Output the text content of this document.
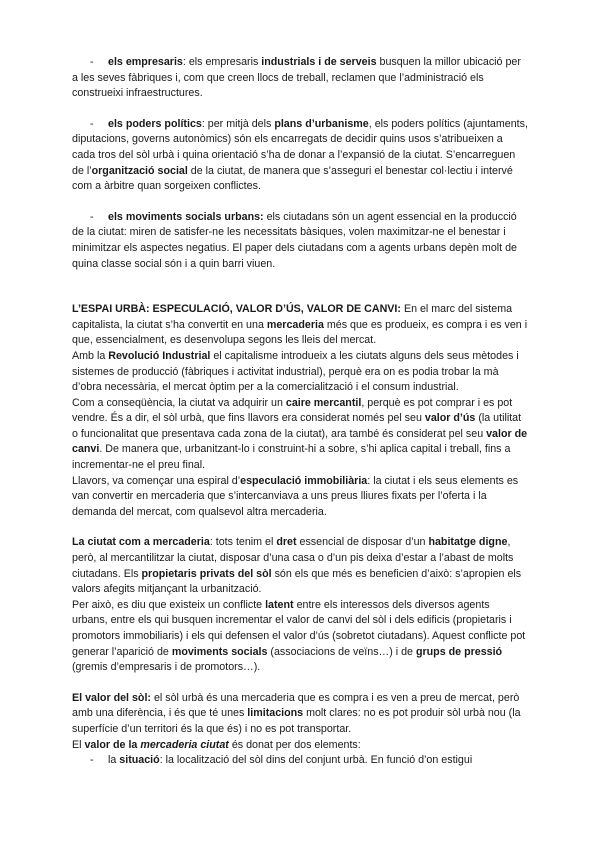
-	els empresaris: els empresaris industrials i de serveis busquen la millor ubicació per a les seves fàbriques i, com que creen llocs de treball, reclamen que l’administració els construeixi infraestructures.

-	els poders polítics: per mitjà dels plans d’urbanisme, els poders polítics (ajuntaments, diputacions, governs autonòmics) són els encarregats de decidir quins usos s’atribueixen a cada tros del sòl urbà i quina orientació s’ha de donar a l’expansió de la ciutat. S’encarreguen de l’organització social de la ciutat, de manera que s’asseguri el benestar col·lectiu i intervé com a àrbitre quan sorgeixen conflictes.

-	els moviments socials urbans: els ciutadans són un agent essencial en la producció de la ciutat: miren de satisfer-ne les necessitats bàsiques, volen maximitzar-ne el benestar i minimitzar els aspectes negatius. El paper dels ciutadans com a agents urbans depèn molt de quina classe social són i a quin barri viuen.

L’ESPAI URBÀ: ESPECULACIÓ, VALOR D’ÚS, VALOR DE CANVI: En el marc del sistema capitalista, la ciutat s’ha convertit en una mercaderia més que es produeix, es compra i es ven i que, essencialment, es desenvolupa segons les lleis del mercat.

Amb la Revolució Industrial el capitalisme introdueix a les ciutats alguns dels seus mètodes i sistemes de producció (fàbriques i activitat industrial), perquè era on es podia trobar la mà d’obra necessària, el mercat òptim per a la comercialització i el consum industrial.

Com a conseqüència, la ciutat va adquirir un caire mercantil, perquè es pot comprar i es pot vendre. És a dir, el sòl urbà, que fins llavors era considerat només pel seu valor d’ús (la utilitat o funcionalitat que presentava cada zona de la ciutat), ara també és considerat pel seu valor de canvi. De manera que, urbanitzant-lo i construint-hi a sobre, s’hi aplica capital i treball, fins a incrementar-ne el preu final.

Llavors, va començar una espiral d’especulació immobiliària: la ciutat i els seus elements es van convertir en mercaderia que s’intercanviava a uns preus lliures fixats per l’oferta i la demanda del mercat, com qualsevol altra mercaderia.

La ciutat com a mercaderia: tots tenim el dret essencial de disposar d’un habitatge digne, però, al mercantilitzar la ciutat, disposar d’una casa o d’un pis deixa d’estar a l’abast de molts ciutadans. Els propietaris privats del sòl són els que més es beneficien d’això: s’apropien els valors afegits mitjançant la urbanització.

Per això, es diu que existeix un conflicte latent entre els interessos dels diversos agents urbans, entre els qui busquen incrementar el valor de canvi del sòl i dels edificis (propietaris i promotors immobiliaris) i els qui defensen el valor d’ús (sobretot ciutadans). Aquest conflicte pot generar l’aparició de moviments socials (associacions de veïns…) i de grups de pressió (gremis d’empresaris i de promotors…).

El valor del sòl: el sòl urbà és una mercaderia que es compra i es ven a preu de mercat, però amb una diferència, i és que té unes limitacions molt clares: no es pot produir sòl urbà nou (la superfície d’un territori és la que és) i no es pot transportar.

El valor de la mercaderia ciutat és donat per dos elements:

- la situació: la localització del sòl dins del conjunt urbà. En funció d’on estigui
